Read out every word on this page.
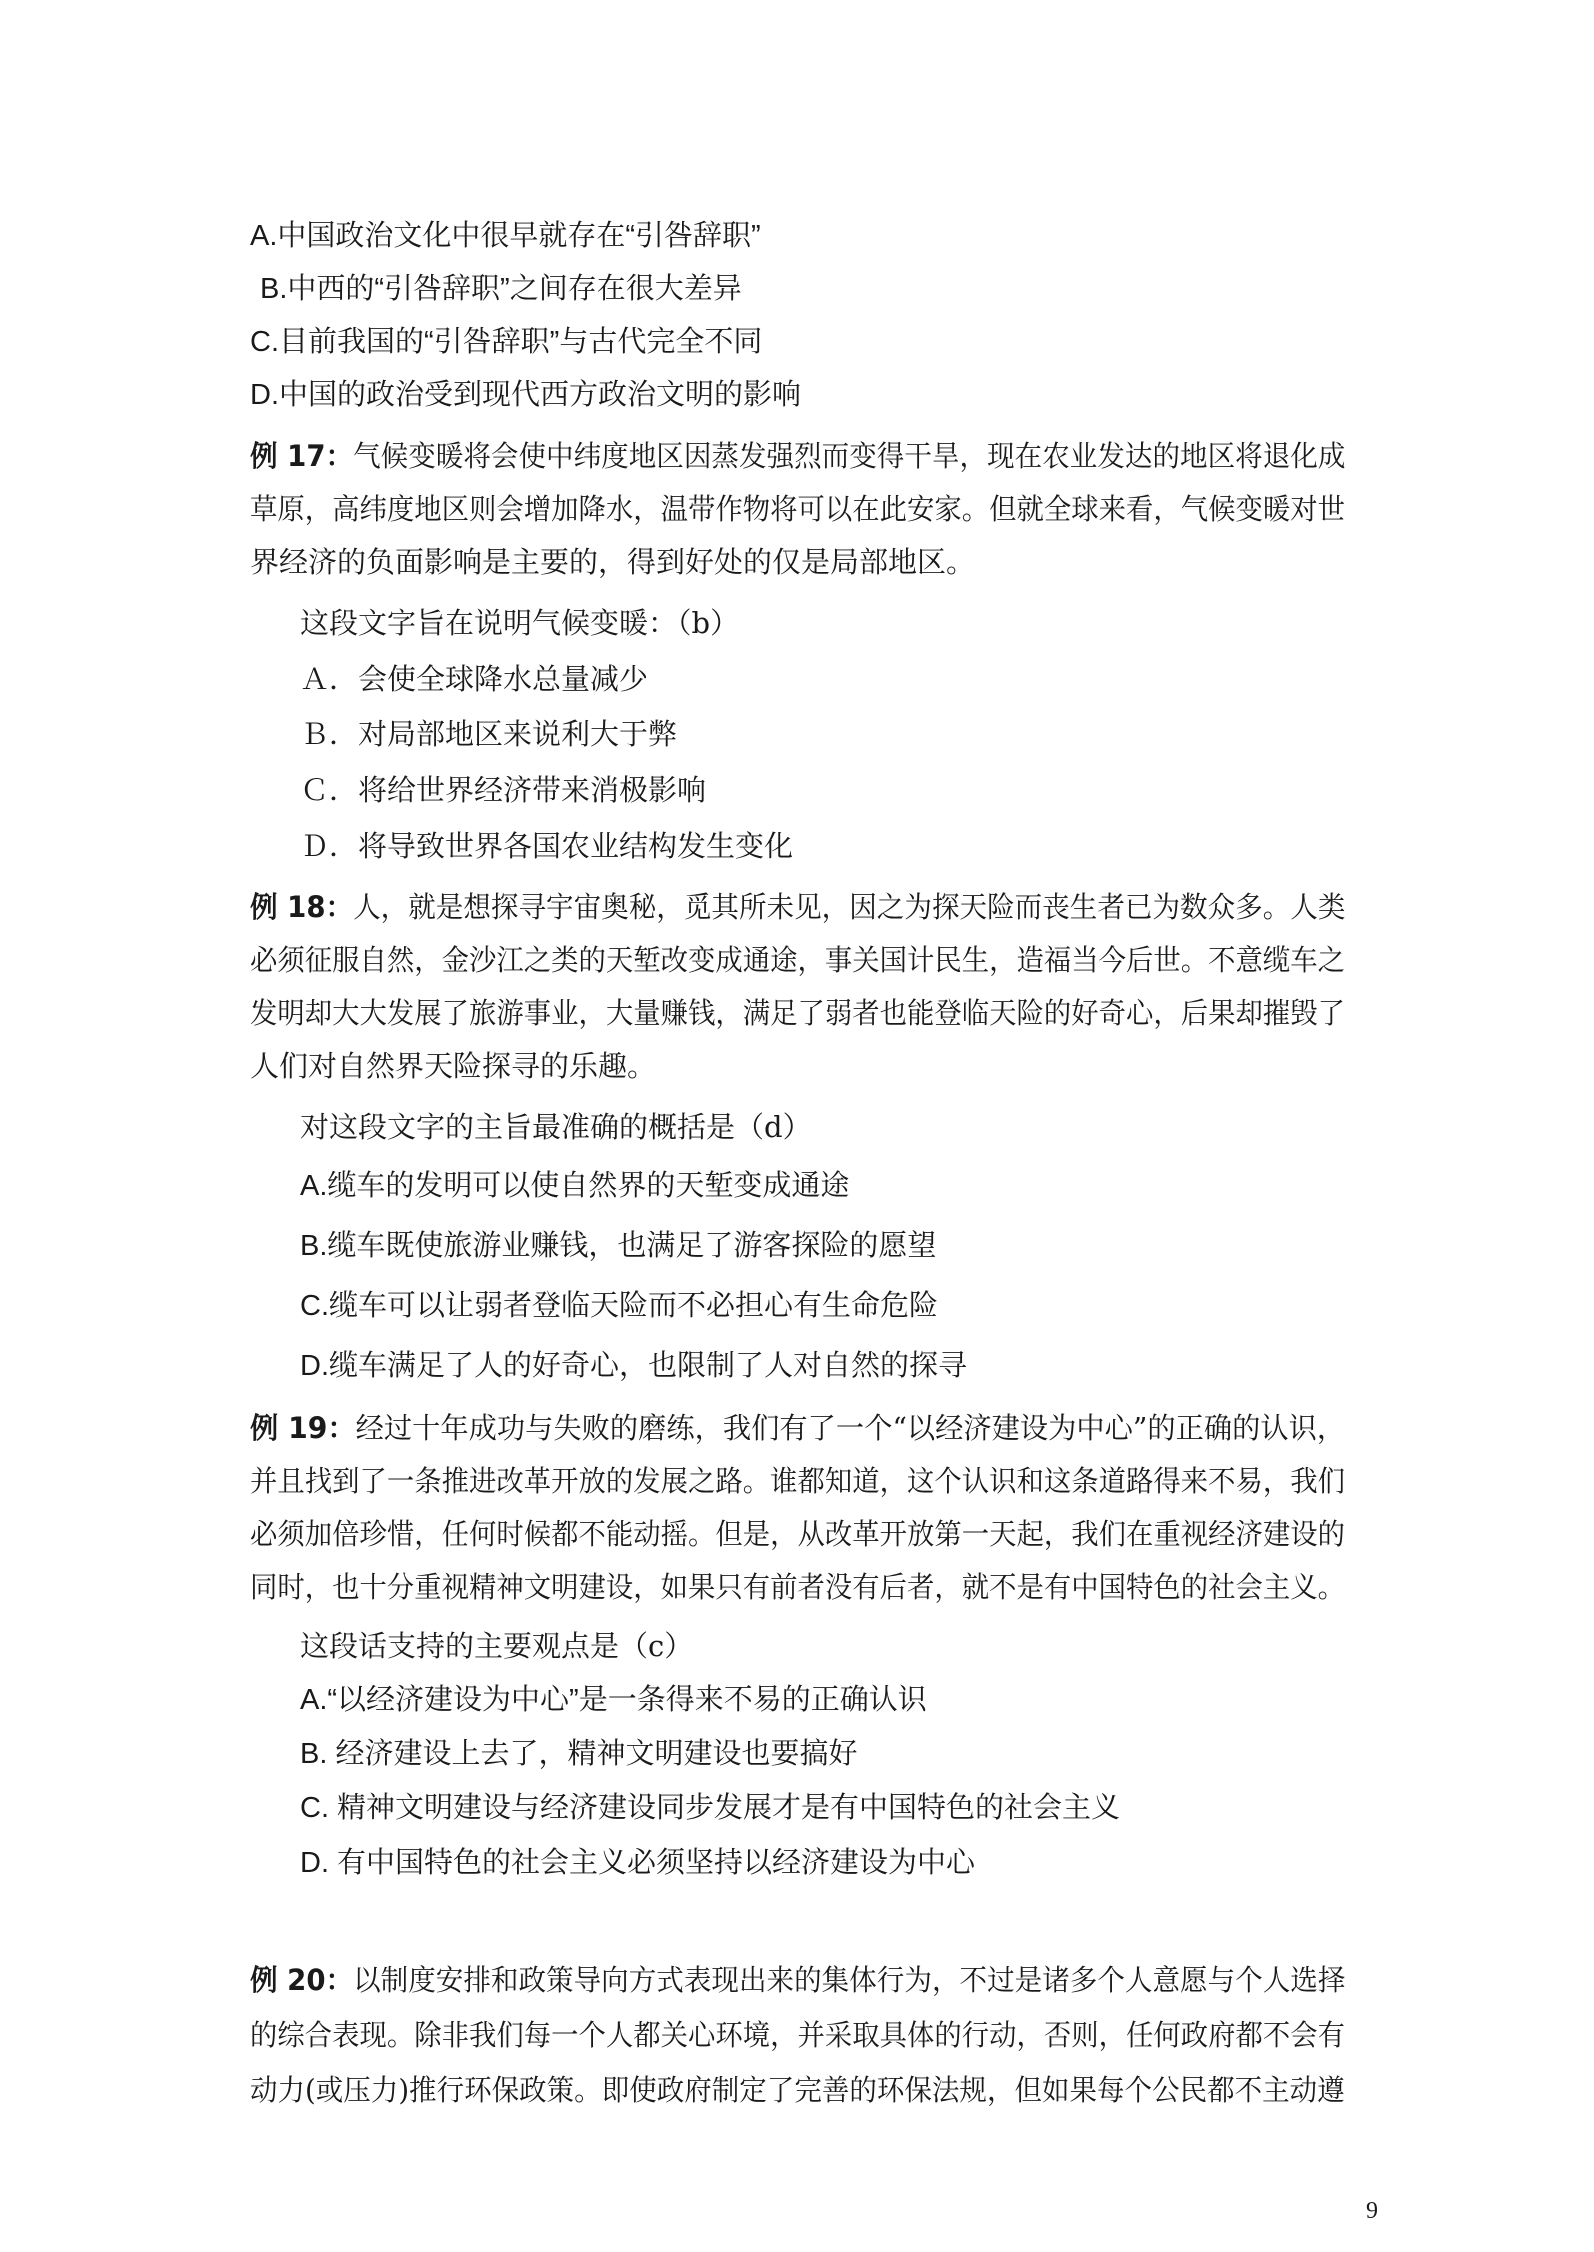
A.中国政治文化中很早就存在“引咎辞职”
B.中西的“引咎辞职”之间存在很大差异
C.目前我国的“引咎辞职”与古代完全不同
D.中国的政治受到现代西方政治文明的影响
例 17：气候变暖将会使中纬度地区因蒸发强烈而变得干旱，现在农业发达的地区将退化成
草原，高纬度地区则会增加降水，温带作物将可以在此安家。但就全球来看，气候变暖对世
界经济的负面影响是主要的，得到好处的仅是局部地区。
这段文字旨在说明气候变暖：（b）
Ａ．会使全球降水总量减少
Ｂ．对局部地区来说利大于弊
Ｃ．将给世界经济带来消极影响
Ｄ．将导致世界各国农业结构发生变化
例 18：人，就是想探寻宇宙奥秘，觅其所未见，因之为探天险而丧生者已为数众多。人类
必须征服自然，金沙江之类的天堑改变成通途，事关国计民生，造福当今后世。不意缆车之
发明却大大发展了旅游事业，大量赚钱，满足了弱者也能登临天险的好奇心，后果却摧毁了
人们对自然界天险探寻的乐趣。
对这段文字的主旨最准确的概括是（d）
A.缆车的发明可以使自然界的天堑变成通途
B.缆车既使旅游业赚钱，也满足了游客探险的愿望
C.缆车可以让弱者登临天险而不必担心有生命危险
D.缆车满足了人的好奇心，也限制了人对自然的探寻
例 19：经过十年成功与失败的磨练，我们有了一个“以经济建设为中心”的正确的认识，
并且找到了一条推进改革开放的发展之路。谁都知道，这个认识和这条道路得来不易，我们
必须加倍珍惜，任何时候都不能动摇。但是，从改革开放第一天起，我们在重视经济建设的
同时，也十分重视精神文明建设，如果只有前者没有后者，就不是有中国特色的社会主义。
这段话支持的主要观点是（c）
A.“以经济建设为中心”是一条得来不易的正确认识
B. 经济建设上去了，精神文明建设也要搞好
C. 精神文明建设与经济建设同步发展才是有中国特色的社会主义
D. 有中国特色的社会主义必须坚持以经济建设为中心
例 20：以制度安排和政策导向方式表现出来的集体行为，不过是诸多个人意愿与个人选择
的综合表现。除非我们每一个人都关心环境，并采取具体的行动，否则，任何政府都不会有
动力(或压力)推行环保政策。即使政府制定了完善的环保法规，但如果每个公民都不主动遵
9
